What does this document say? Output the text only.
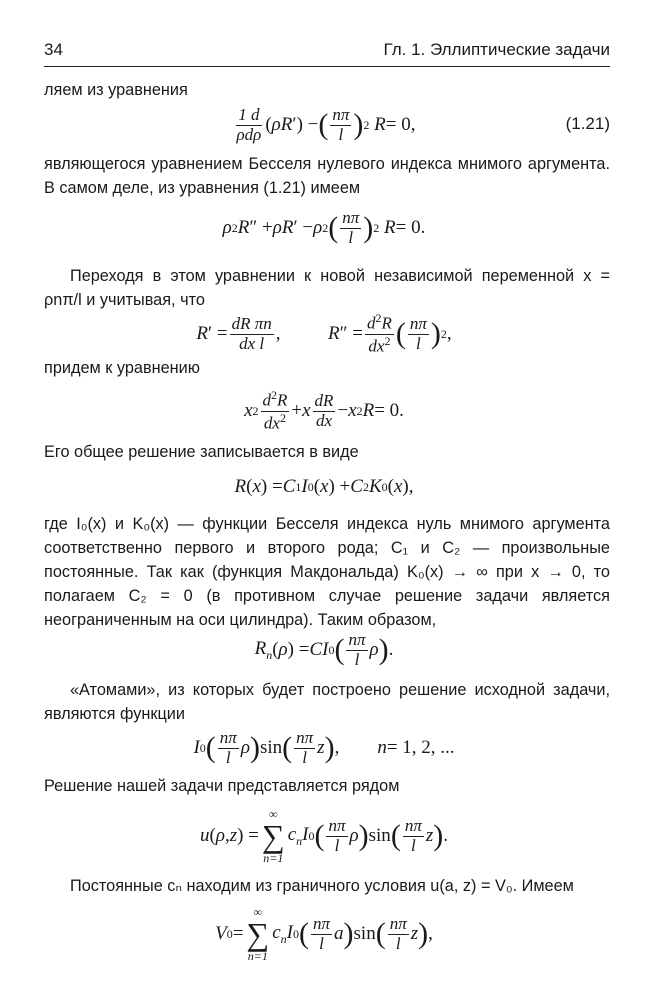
34	Гл. 1. Эллиптические задачи
ляем из уравнения
$\frac{1 d}{\text{ρdρ}}$ ( ρR ′) − ( $\frac{n\pi}{l}$ ) 2
R = 0,	(1.21)
являющегося уравнением Бесселя нулевого индекса мнимого аргумента. В самом деле, из уравнения (1.21) имеем
ρ 2 R ″ + ρR ′ − ρ 2 ( $\frac{n\pi}{l}$ ) 2
R = 0.
Переходя в этом уравнении к новой независимой переменной x = ρnπ/l и учитывая, что
R ′ = $\frac{\text{dR πn}}{\text{dx l}}$ , R ″ = $\frac{d^2R}{dx^2}$ ( $\frac{n\pi}{l}$ ) 2 ,
придем к уравнению
x $2 \frac{d^2R}{dx^2} + x \frac{dR}{dx} - x$ 2 R = 0.
Его общее решение записывается в виде
R ( x ) = C 1 I 0 ( x ) + C 2 K 0 ( x ),
где I₀(x) и K₀(x) — функции Бесселя индекса нуль мнимого аргумента соответственно первого и второго рода; C₁ и C₂ — произвольные постоянные. Так как (функция Макдональда) K₀(x) → ∞ при x → 0, то полагаем C₂ = 0 (в противном случае решение задачи является неограниченным на оси цилиндра). Таким образом,
$R_n$ ( ρ ) = CI 0 ( $\frac{n\pi}{l}$ ρ ) .
«Атомами», из которых будет построено решение исходной задачи, являются функции
I 0 ( $\frac{n\pi}{l}$ ρ ) sin ( $\frac{n\pi}{l}$ z ) , n = 1, 2, ...
Решение нашей задачи представляется рядом
u ( ρ , z ) =
∞
∑
n=1
$c_nI$ 0 ( $\frac{n\pi}{l}$ ρ ) sin ( $\frac{n\pi}{l}$ z ) .
Постоянные cₙ находим из граничного условия u(a, z) = V₀. Имеем
V 0 =
∞
∑
n=1
$c_nI$ 0 ( $\frac{n\pi}{l}$ a ) sin ( $\frac{n\pi}{l}$ z ) ,
